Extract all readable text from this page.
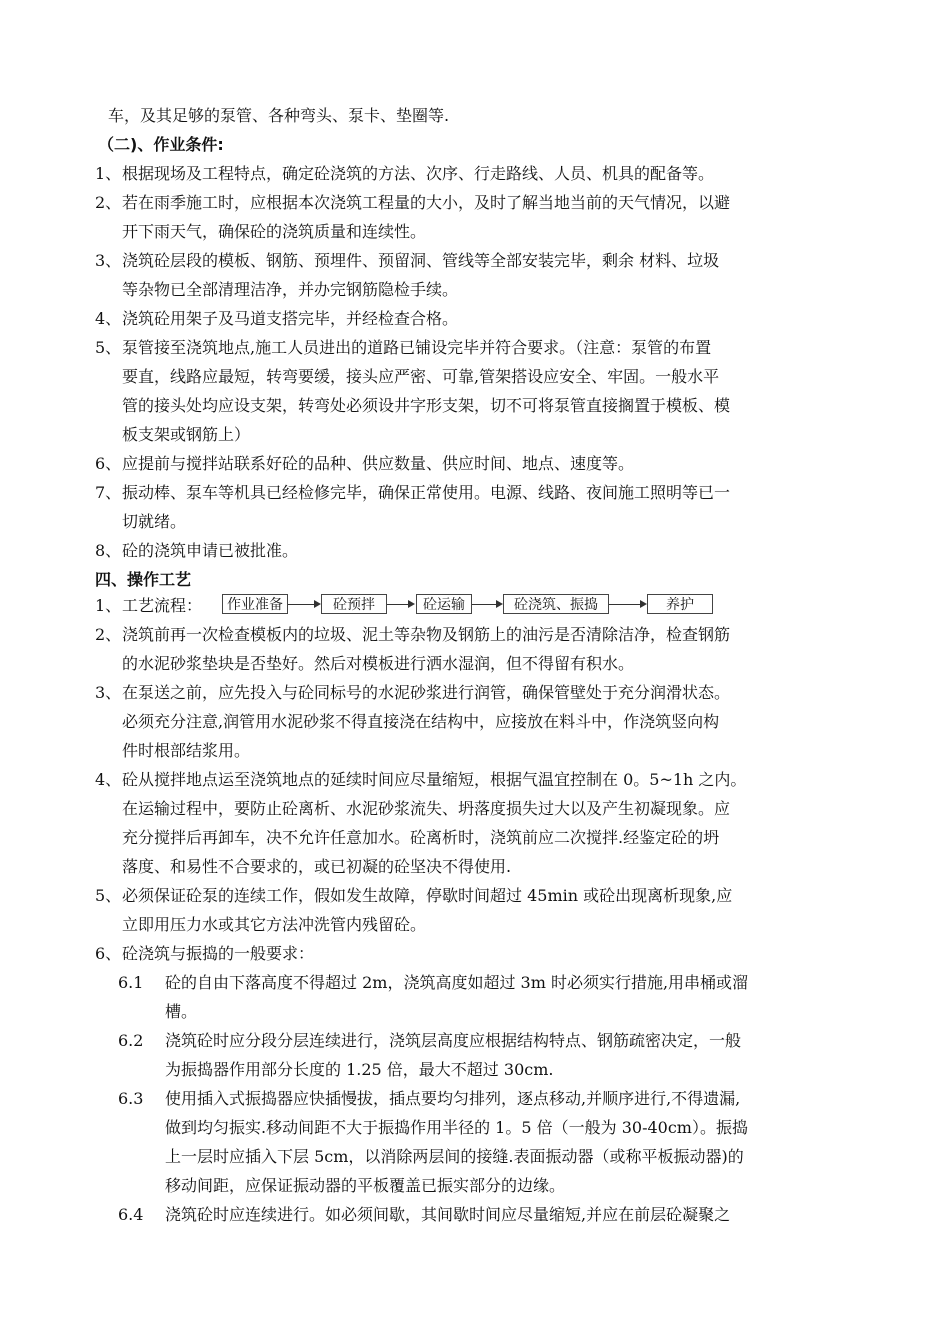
车，及其足够的泵管、各种弯头、泵卡、垫圈等.
（二)、作业条件:
1、 根据现场及工程特点，确定砼浇筑的方法、次序、行走路线、人员、机具的配备等。
2、 若在雨季施工时，应根据本次浇筑工程量的大小，及时了解当地当前的天气情况，以避
开下雨天气，确保砼的浇筑质量和连续性。
3、 浇筑砼层段的模板、钢筋、预埋件、预留洞、管线等全部安装完毕，剩余 材料、垃圾
等杂物已全部清理洁净，并办完钢筋隐检手续。
4、 浇筑砼用架子及马道支搭完毕，并经检查合格。
5、 泵管接至浇筑地点,施工人员进出的道路已铺设完毕并符合要求。（注意：泵管的布置
要直，线路应最短，转弯要缓，接头应严密、可靠,管架搭设应安全、牢固。一般水平
管的接头处均应设支架，转弯处必须设井字形支架，切不可将泵管直接搁置于模板、模
板支架或钢筋上）
6、 应提前与搅拌站联系好砼的品种、供应数量、供应时间、地点、速度等。
7、 振动棒、泵车等机具已经检修完毕，确保正常使用。电源、线路、夜间施工照明等已一
切就绪。
8、 砼的浇筑申请已被批准。
四、操作工艺
1、 工艺流程：	作业准备	砼预拌	砼运输	砼浇筑、振捣	养护
2、 浇筑前再一次检查模板内的垃圾、泥土等杂物及钢筋上的油污是否清除洁净，检查钢筋
的水泥砂浆垫块是否垫好。然后对模板进行洒水湿润，但不得留有积水。
3、 在泵送之前，应先投入与砼同标号的水泥砂浆进行润管，确保管壁处于充分润滑状态。
必须充分注意,润管用水泥砂浆不得直接浇在结构中，应接放在料斗中，作浇筑竖向构
件时根部结浆用。
4、 砼从搅拌地点运至浇筑地点的延续时间应尽量缩短，根据气温宜控制在 0。5~1h 之内。
在运输过程中，要防止砼离析、水泥砂浆流失、坍落度损失过大以及产生初凝现象。应
充分搅拌后再卸车，决不允许任意加水。砼离析时，浇筑前应二次搅拌.经鉴定砼的坍
落度、和易性不合要求的，或已初凝的砼坚决不得使用.
5、 必须保证砼泵的连续工作，假如发生故障，停歇时间超过 45min 或砼出现离析现象,应
立即用压力水或其它方法冲洗管内残留砼。
6、 砼浇筑与振捣的一般要求：
6.1 砼的自由下落高度不得超过 2m，浇筑高度如超过 3m 时必须实行措施,用串桶或溜
槽。
6.2 浇筑砼时应分段分层连续进行，浇筑层高度应根据结构特点、钢筋疏密决定，一般
为振捣器作用部分长度的 1.25 倍，最大不超过 30cm.
6.3 使用插入式振捣器应快插慢拔，插点要均匀排列，逐点移动,并顺序进行,不得遗漏,
做到均匀振实.移动间距不大于振捣作用半径的 1。5 倍（一般为 30-40cm）。振捣
上一层时应插入下层 5cm，以消除两层间的接缝.表面振动器（或称平板振动器)的
移动间距，应保证振动器的平板覆盖已振实部分的边缘。
6.4 浇筑砼时应连续进行。如必须间歇，其间歇时间应尽量缩短,并应在前层砼凝聚之
